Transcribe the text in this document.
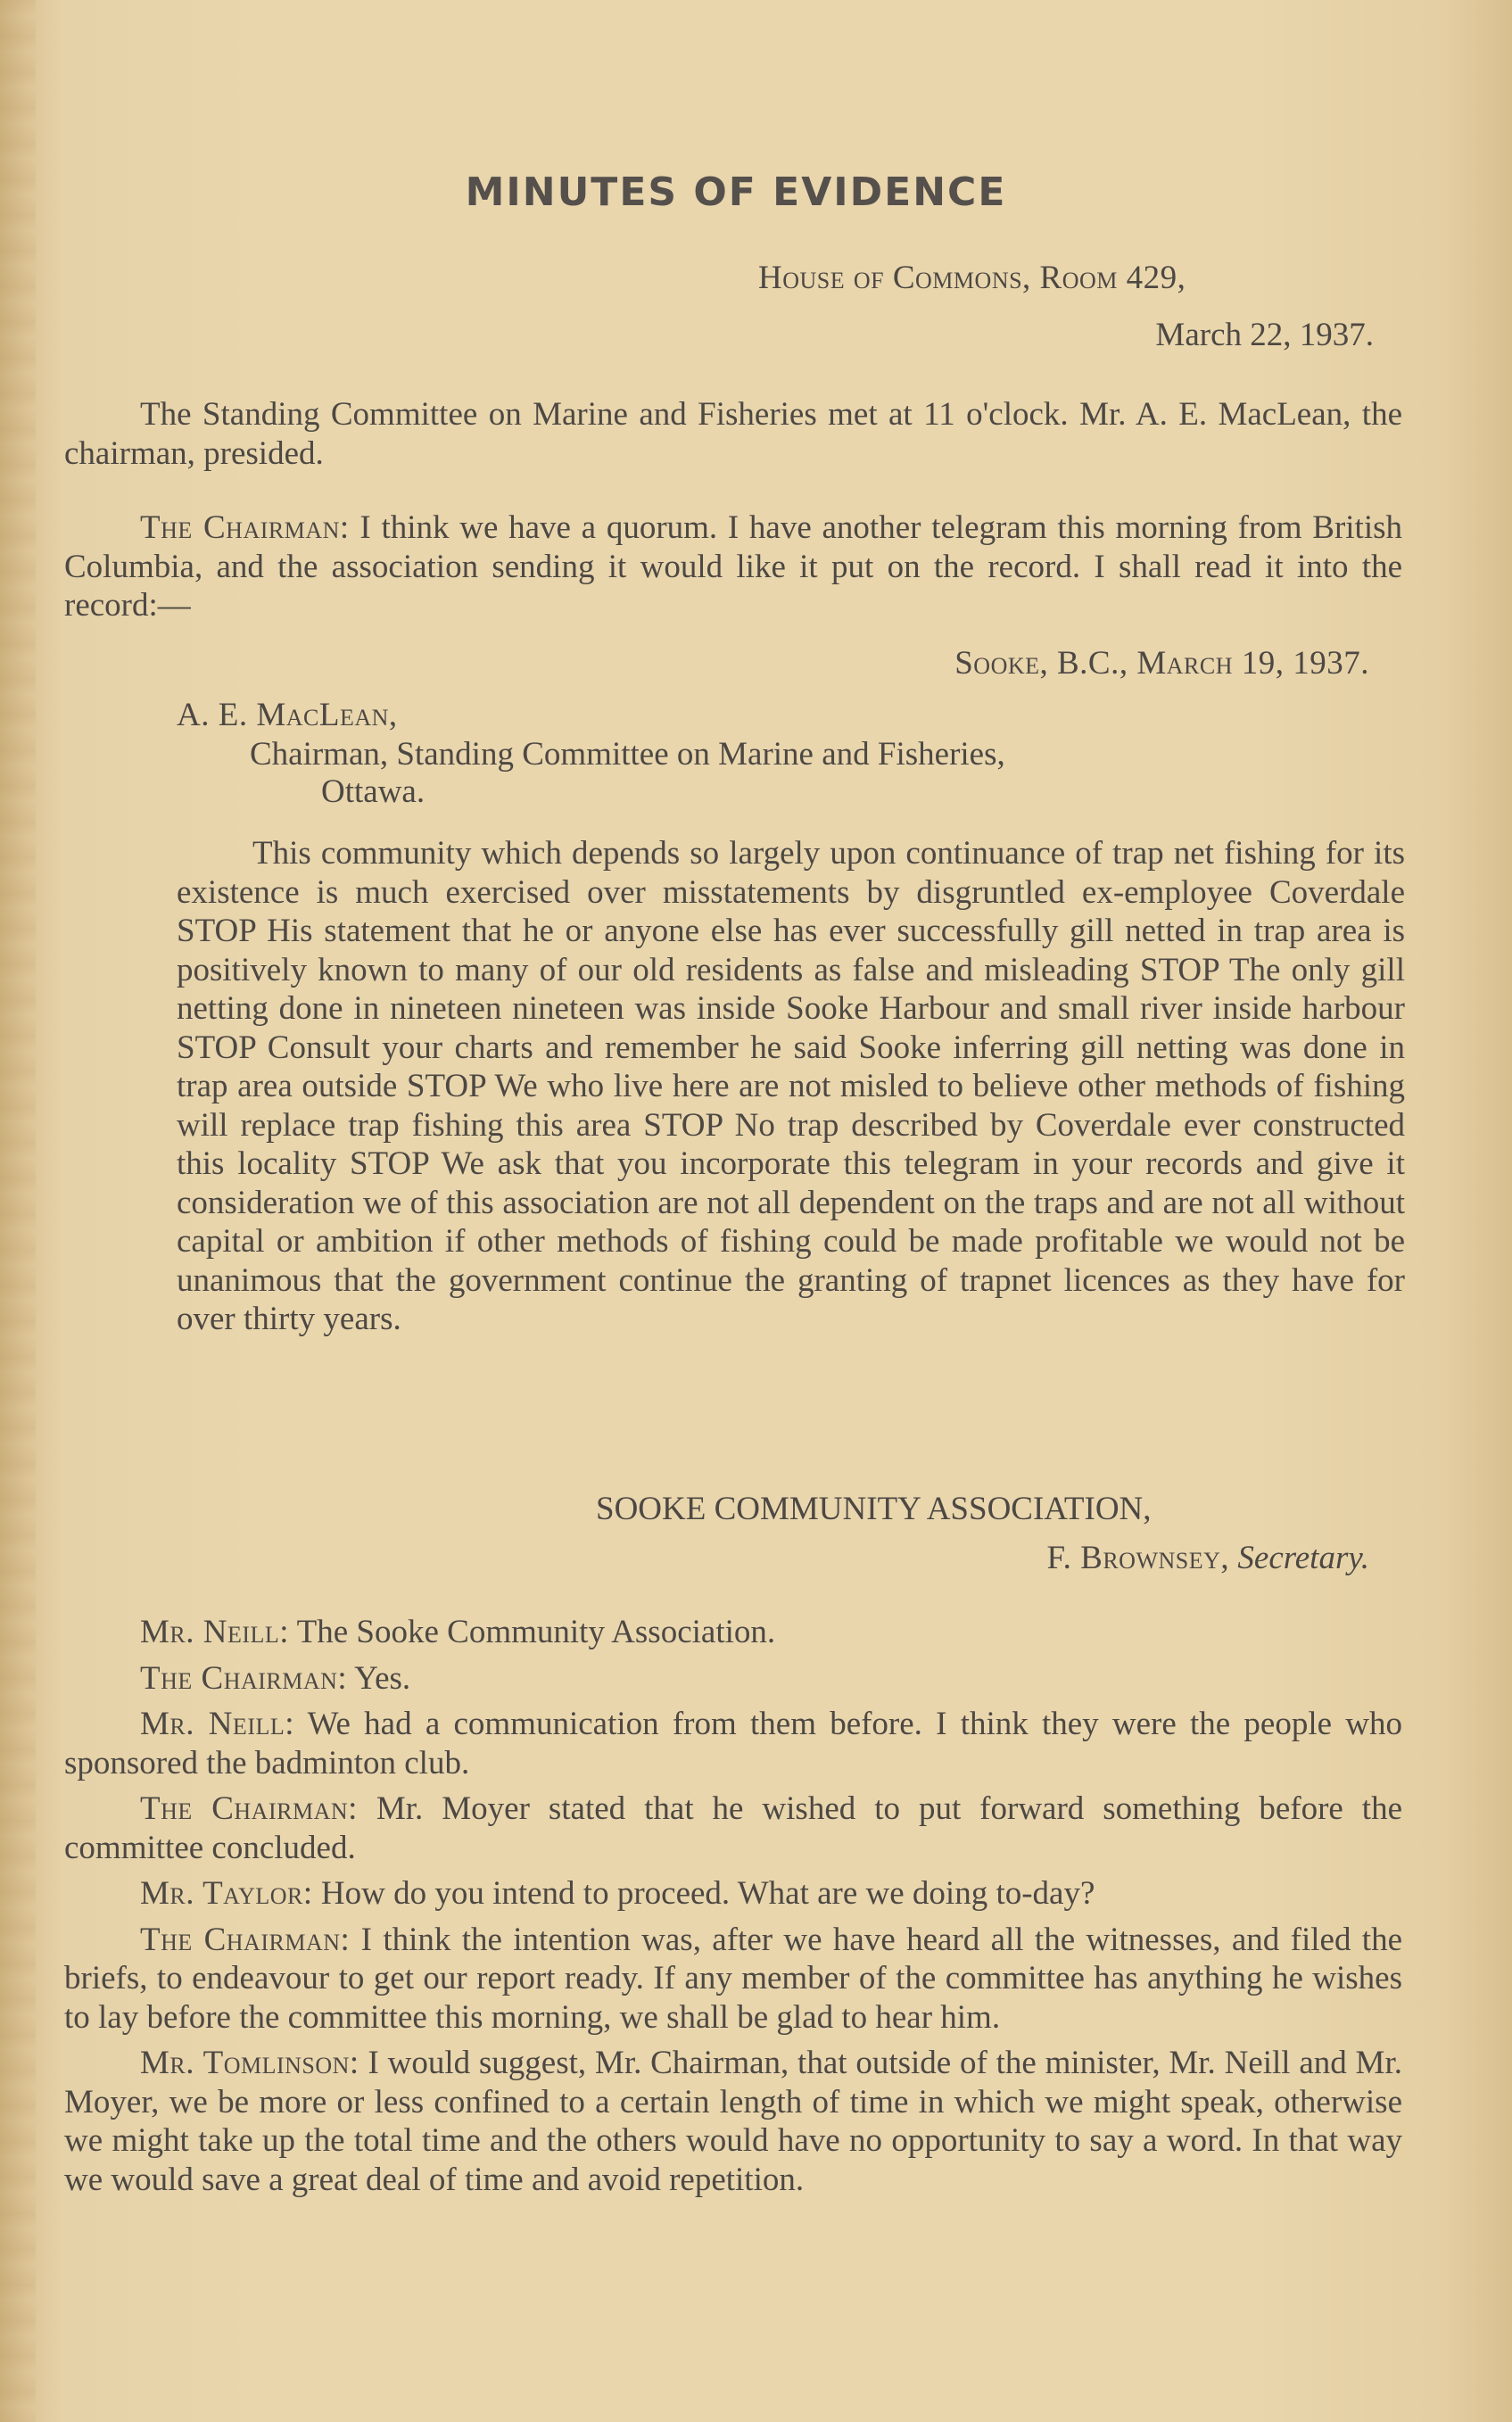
MINUTES OF EVIDENCE
House of Commons, Room 429,
March 22, 1937.

The Standing Committee on Marine and Fisheries met at 11 o'clock. Mr. A. E. MacLean, the chairman, presided.

The Chairman: I think we have a quorum. I have another telegram this morning from British Columbia, and the association sending it would like it put on the record. I shall read it into the record:—

Sooke, B.C., March 19, 1937.
A. E. MacLean,
Chairman, Standing Committee on Marine and Fisheries,
Ottawa.

This community which depends so largely upon continuance of trap net fishing for its existence is much exercised over misstatements by disgruntled ex-employee Coverdale STOP His statement that he or anyone else has ever successfully gill netted in trap area is positively known to many of our old residents as false and misleading STOP The only gill netting done in nineteen nineteen was inside Sooke Harbour and small river inside harbour STOP Consult your charts and remember he said Sooke inferring gill netting was done in trap area outside STOP We who live here are not misled to believe other methods of fishing will replace trap fishing this area STOP No trap described by Coverdale ever constructed this locality STOP We ask that you incorporate this telegram in your records and give it consideration we of this association are not all dependent on the traps and are not all without capital or ambition if other methods of fishing could be made profitable we would not be unanimous that the government continue the granting of trapnet licences as they have for over thirty years.

SOOKE COMMUNITY ASSOCIATION,
F. Brownsey, Secretary.

Mr. Neill: The Sooke Community Association.

The Chairman: Yes.

Mr. Neill: We had a communication from them before. I think they were the people who sponsored the badminton club.

The Chairman: Mr. Moyer stated that he wished to put forward something before the committee concluded.

Mr. Taylor: How do you intend to proceed. What are we doing to-day?

The Chairman: I think the intention was, after we have heard all the witnesses, and filed the briefs, to endeavour to get our report ready. If any member of the committee has anything he wishes to lay before the committee this morning, we shall be glad to hear him.

Mr. Tomlinson: I would suggest, Mr. Chairman, that outside of the minister, Mr. Neill and Mr. Moyer, we be more or less confined to a certain length of time in which we might speak, otherwise we might take up the total time and the others would have no opportunity to say a word. In that way we would save a great deal of time and avoid repetition.
